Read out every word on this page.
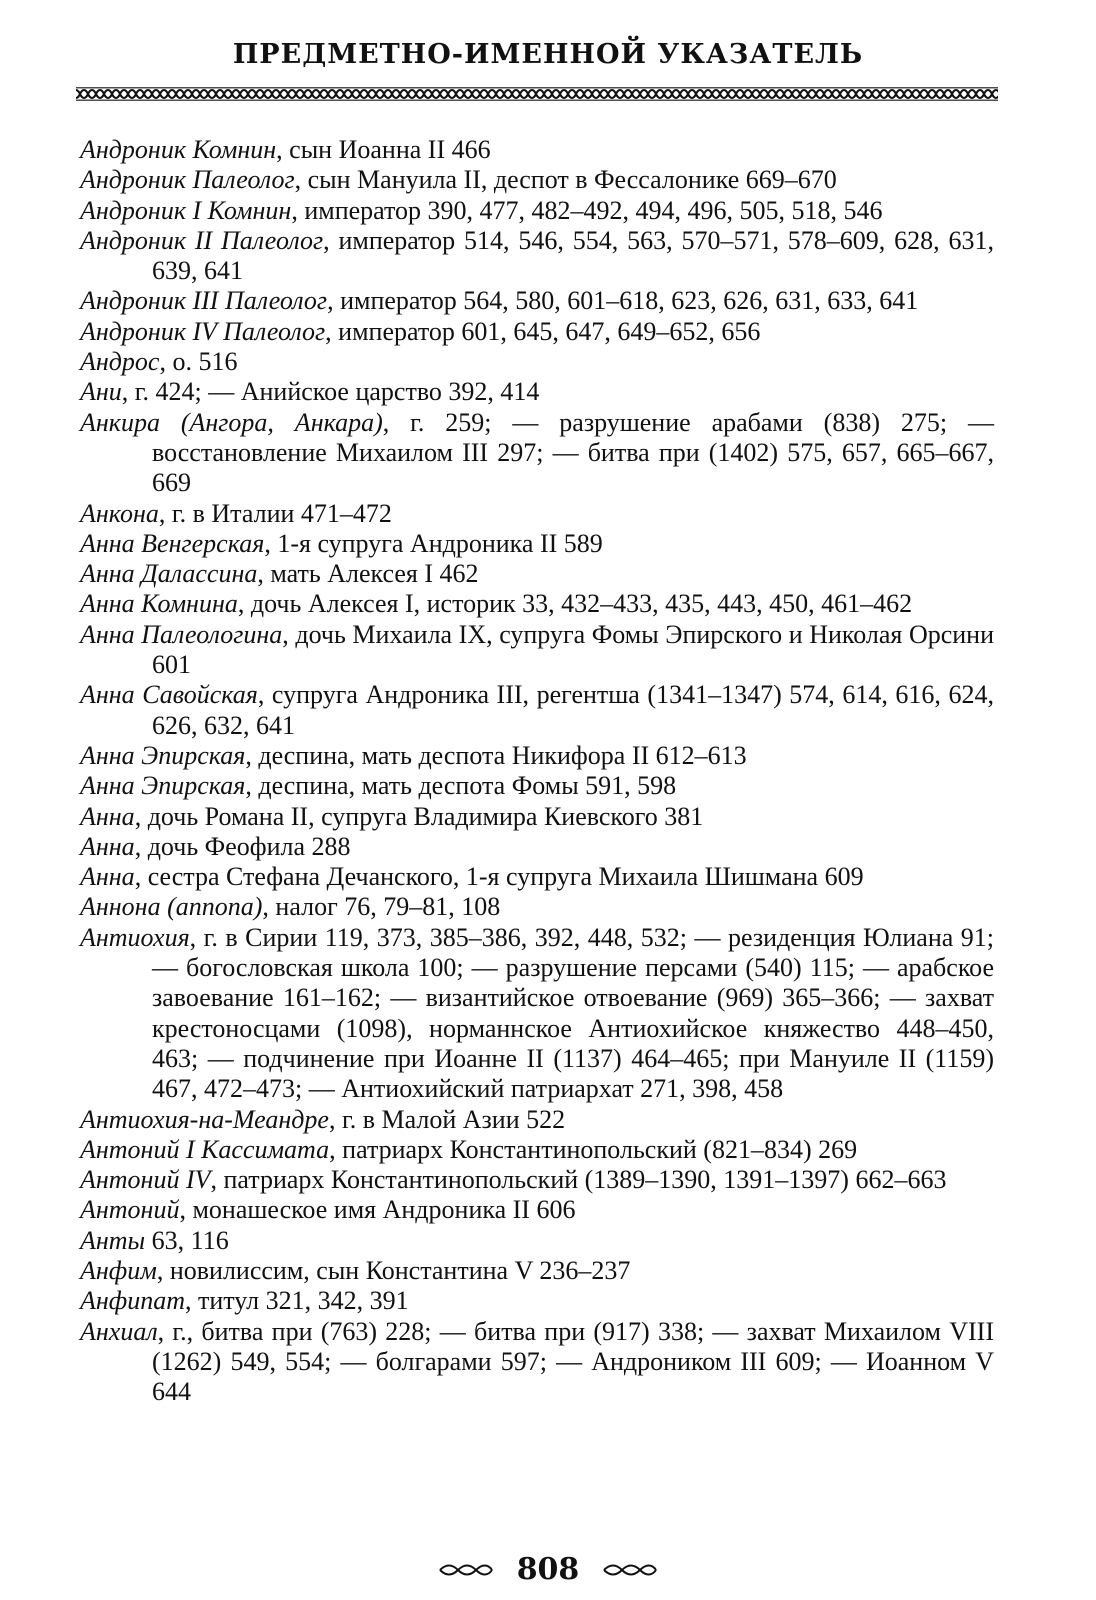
ПРЕДМЕТНО-ИМЕННОЙ УКАЗАТЕЛЬ

Андроник Комнин, сын Иоанна II 466

Андроник Палеолог, сын Мануила II, деспот в Фессалонике 669–670

Андроник I Комнин, император 390, 477, 482–492, 494, 496, 505, 518, 546

Андроник II Палеолог, император 514, 546, 554, 563, 570–571, 578–609, 628, 631, 639, 641

Андроник III Палеолог, император 564, 580, 601–618, 623, 626, 631, 633, 641

Андроник IV Палеолог, император 601, 645, 647, 649–652, 656

Андрос, о. 516

Ани, г. 424; — Анийское царство 392, 414

Анкира (Ангора, Анкара), г. 259; — разрушение арабами (838) 275; — восстановление Михаилом III 297; — битва при (1402) 575, 657, 665–667, 669

Анкона, г. в Италии 471–472

Анна Венгерская, 1-я супруга Андроника II 589

Анна Далассина, мать Алексея I 462

Анна Комнина, дочь Алексея I, историк 33, 432–433, 435, 443, 450, 461–462

Анна Палеологина, дочь Михаила IX, супруга Фомы Эпирского и Николая Орсини 601

Анна Савойская, супруга Андроника III, регентша (1341–1347) 574, 614, 616, 624, 626, 632, 641

Анна Эпирская, деспина, мать деспота Никифора II 612–613

Анна Эпирская, деспина, мать деспота Фомы 591, 598

Анна, дочь Романа II, супруга Владимира Киевского 381

Анна, дочь Феофила 288

Анна, сестра Стефана Дечанского, 1-я супруга Михаила Шишмана 609

Аннона (annona), налог 76, 79–81, 108

Антиохия, г. в Сирии 119, 373, 385–386, 392, 448, 532; — резиденция Юлиана 91; — богословская школа 100; — разрушение персами (540) 115; — арабское завоевание 161–162; — византийское отвоевание (969) 365–366; — захват крестоносцами (1098), норманнское Антиохийское княжество 448–450, 463; — подчинение при Иоанне II (1137) 464–465; при Мануиле II (1159) 467, 472–473; — Антиохийский патриархат 271, 398, 458

Антиохия-на-Меандре, г. в Малой Азии 522

Антоний I Кассимата, патриарх Константинопольский (821–834) 269

Антоний IV, патриарх Константинопольский (1389–1390, 1391–1397) 662–663

Антоний, монашеское имя Андроника II 606

Анты 63, 116

Анфим, новилиссим, сын Константина V 236–237

Анфипат, титул 321, 342, 391

Анхиал, г., битва при (763) 228; — битва при (917) 338; — захват Михаилом VIII (1262) 549, 554; — болгарами 597; — Андроником III 609; — Иоанном V 644

808
